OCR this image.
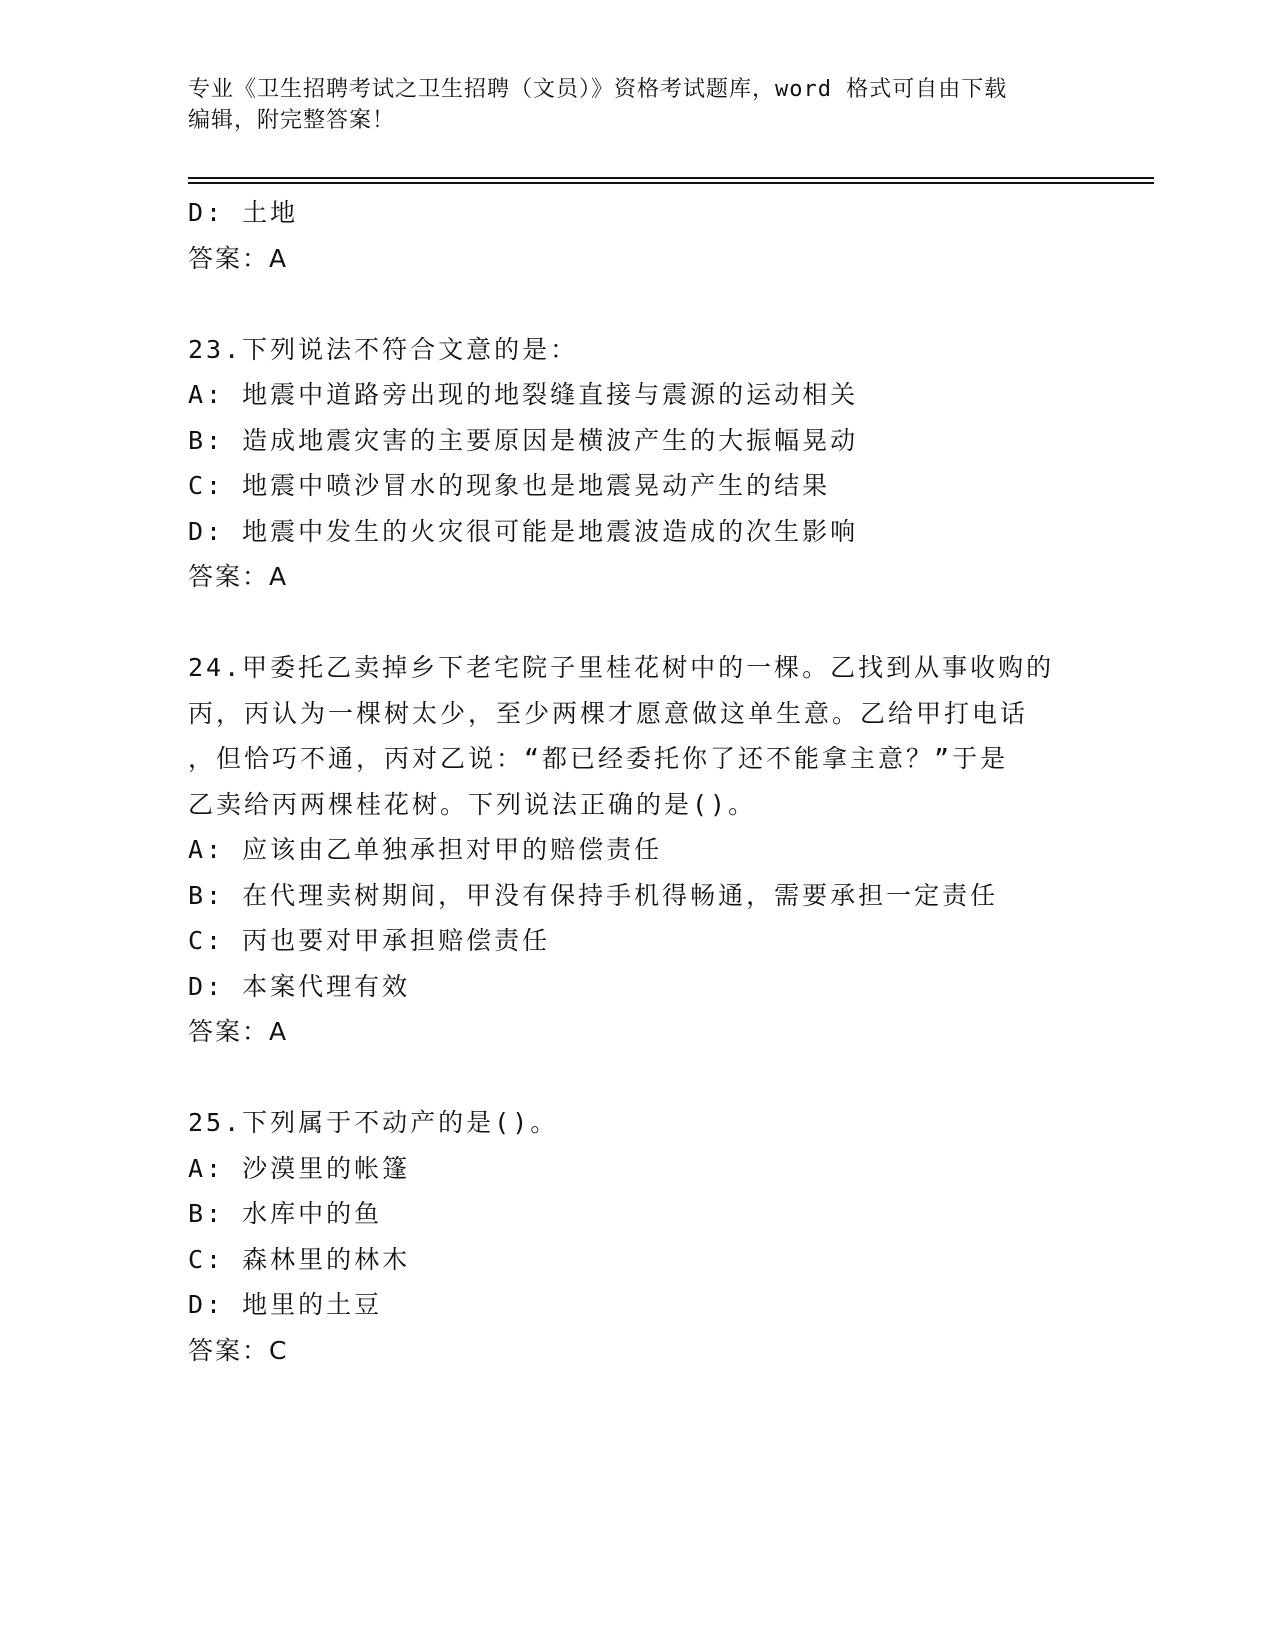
专业《卫生招聘考试之卫生招聘（文员）》资格考试题库，word 格式可自由下载
编辑，附完整答案！
D: 土地
答案：A
23.下列说法不符合文意的是：
A: 地震中道路旁出现的地裂缝直接与震源的运动相关
B: 造成地震灾害的主要原因是横波产生的大振幅晃动
C: 地震中喷沙冒水的现象也是地震晃动产生的结果
D: 地震中发生的火灾很可能是地震波造成的次生影响
答案：A
24.甲委托乙卖掉乡下老宅院子里桂花树中的一棵。乙找到从事收购的
丙，丙认为一棵树太少，至少两棵才愿意做这单生意。乙给甲打电话
，但恰巧不通，丙对乙说：“都已经委托你了还不能拿主意？”于是
乙卖给丙两棵桂花树。下列说法正确的是()。
A: 应该由乙单独承担对甲的赔偿责任
B: 在代理卖树期间，甲没有保持手机得畅通，需要承担一定责任
C: 丙也要对甲承担赔偿责任
D: 本案代理有效
答案：A
25.下列属于不动产的是()。
A: 沙漠里的帐篷
B: 水库中的鱼
C: 森林里的林木
D: 地里的土豆
答案：C
